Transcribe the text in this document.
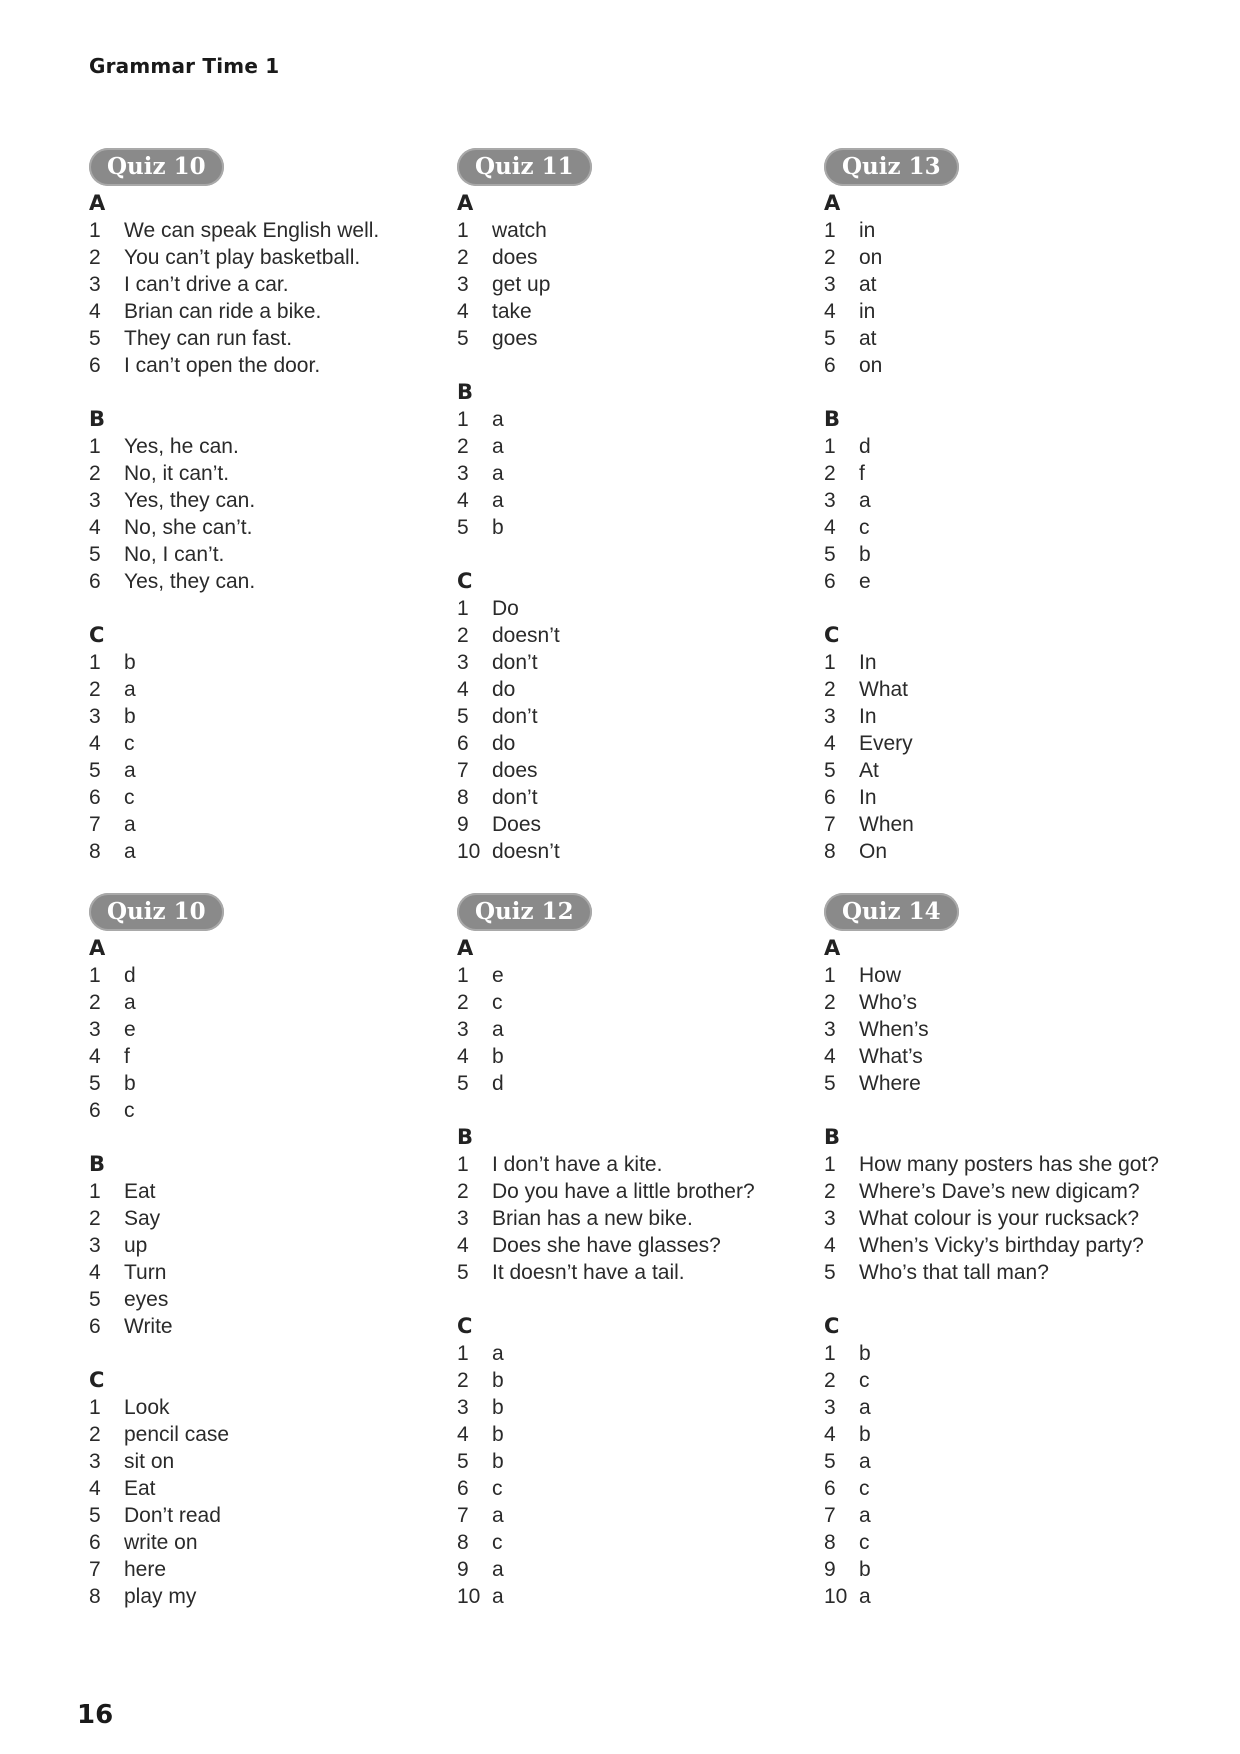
Grammar Time 1
Quiz 10
A
1	We can speak English well.
2	You can’t play basketball.
3	I can’t drive a car.
4	Brian can ride a bike.
5	They can run fast.
6	I can’t open the door.
B
1	Yes, he can.
2	No, it can’t.
3	Yes, they can.
4	No, she can’t.
5	No, I can’t.
6	Yes, they can.
C
1	b
2	a
3	b
4	c
5	a
6	c
7	a
8	a
Quiz 11
A
1	watch
2	does
3	get up
4	take
5	goes
B
1	a
2	a
3	a
4	a
5	b
C
1	Do
2	doesn’t
3	don’t
4	do
5	don’t
6	do
7	does
8	don’t
9	Does
10 doesn’t
Quiz 13
A
1	in
2	on
3	at
4	in
5	at
6	on
B
1	d
2	f
3	a
4	c
5	b
6	e
C
1	In
2	What
3	In
4	Every
5	At
6	In
7	When
8	On
Quiz 10
A
1	d
2	a
3	e
4	f
5	b
6	c
B
1	Eat
2	Say
3	up
4	Turn
5	eyes
6	Write
C
1	Look
2	pencil case
3	sit on
4	Eat
5	Don’t read
6	write on
7	here
8	play my
Quiz 12
A
1	e
2	c
3	a
4	b
5	d
B
1	I don’t have a kite.
2	Do you have a little brother?
3	Brian has a new bike.
4	Does she have glasses?
5	It doesn’t have a tail.
C
1	a
2	b
3	b
4	b
5	b
6	c
7	a
8	c
9	a
10 a
Quiz 14
A
1	How
2	Who’s
3	When’s
4	What’s
5	Where
B
1	How many posters has she got?
2	Where’s Dave’s new digicam?
3	What colour is your rucksack?
4	When’s Vicky’s birthday party?
5	Who’s that tall man?
C
1	b
2	c
3	a
4	b
5	a
6	c
7	a
8	c
9	b
10 a
16
